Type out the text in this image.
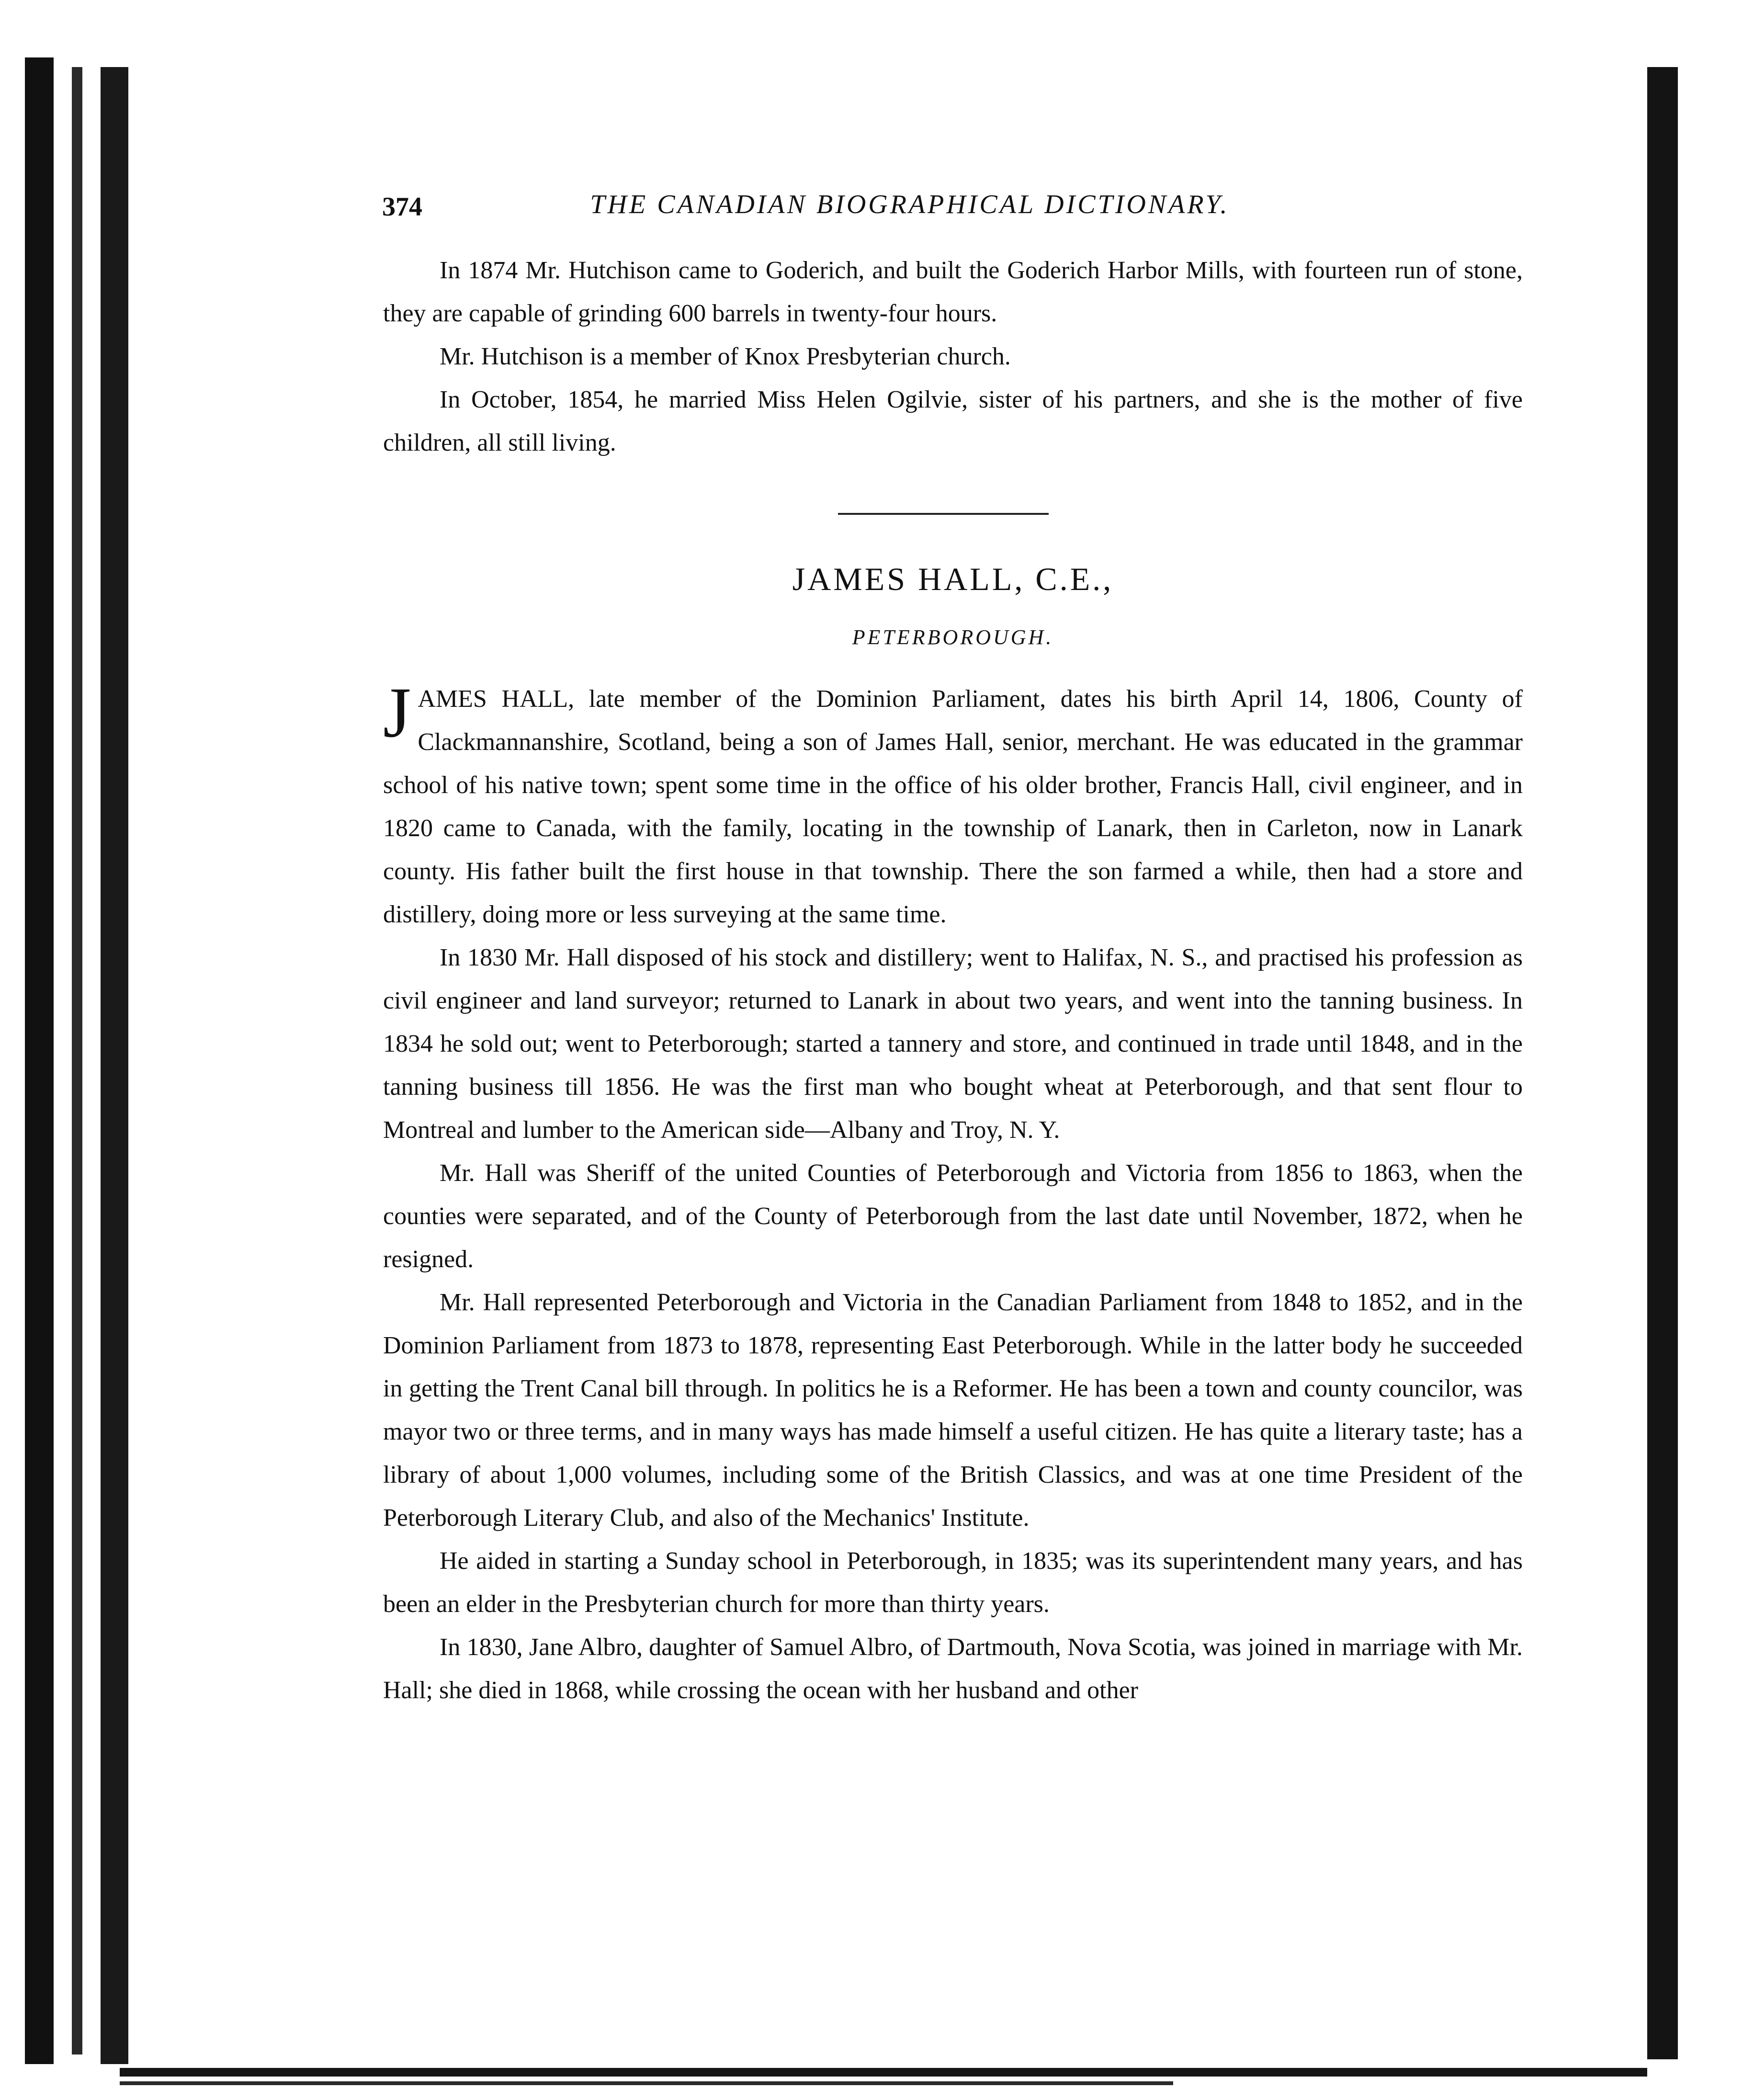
374	THE CANADIAN BIOGRAPHICAL DICTIONARY.

In 1874 Mr. Hutchison came to Goderich, and built the Goderich Harbor Mills, with fourteen run of stone, they are capable of grinding 600 barrels in twenty-four hours.

Mr. Hutchison is a member of Knox Presbyterian church.

In October, 1854, he married Miss Helen Ogilvie, sister of his partners, and she is the mother of five children, all still living.

JAMES HALL, C.E.,
PETERBOROUGH.

JAMES HALL, late member of the Dominion Parliament, dates his birth April 14, 1806, County of Clackmannanshire, Scotland, being a son of James Hall, senior, merchant. He was educated in the grammar school of his native town; spent some time in the office of his older brother, Francis Hall, civil engineer, and in 1820 came to Canada, with the family, locating in the township of Lanark, then in Carleton, now in Lanark county. His father built the first house in that township. There the son farmed a while, then had a store and distillery, doing more or less surveying at the same time.

In 1830 Mr. Hall disposed of his stock and distillery; went to Halifax, N. S., and practised his profession as civil engineer and land surveyor; returned to Lanark in about two years, and went into the tanning business. In 1834 he sold out; went to Peterborough; started a tannery and store, and continued in trade until 1848, and in the tanning business till 1856. He was the first man who bought wheat at Peterborough, and that sent flour to Montreal and lumber to the American side—Albany and Troy, N. Y.

Mr. Hall was Sheriff of the united Counties of Peterborough and Victoria from 1856 to 1863, when the counties were separated, and of the County of Peterborough from the last date until November, 1872, when he resigned.

Mr. Hall represented Peterborough and Victoria in the Canadian Parliament from 1848 to 1852, and in the Dominion Parliament from 1873 to 1878, representing East Peterborough. While in the latter body he succeeded in getting the Trent Canal bill through. In politics he is a Reformer. He has been a town and county councilor, was mayor two or three terms, and in many ways has made himself a useful citizen. He has quite a literary taste; has a library of about 1,000 volumes, including some of the British Classics, and was at one time President of the Peterborough Literary Club, and also of the Mechanics' Institute.

He aided in starting a Sunday school in Peterborough, in 1835; was its superintendent many years, and has been an elder in the Presbyterian church for more than thirty years.

In 1830, Jane Albro, daughter of Samuel Albro, of Dartmouth, Nova Scotia, was joined in marriage with Mr. Hall; she died in 1868, while crossing the ocean with her husband and other
